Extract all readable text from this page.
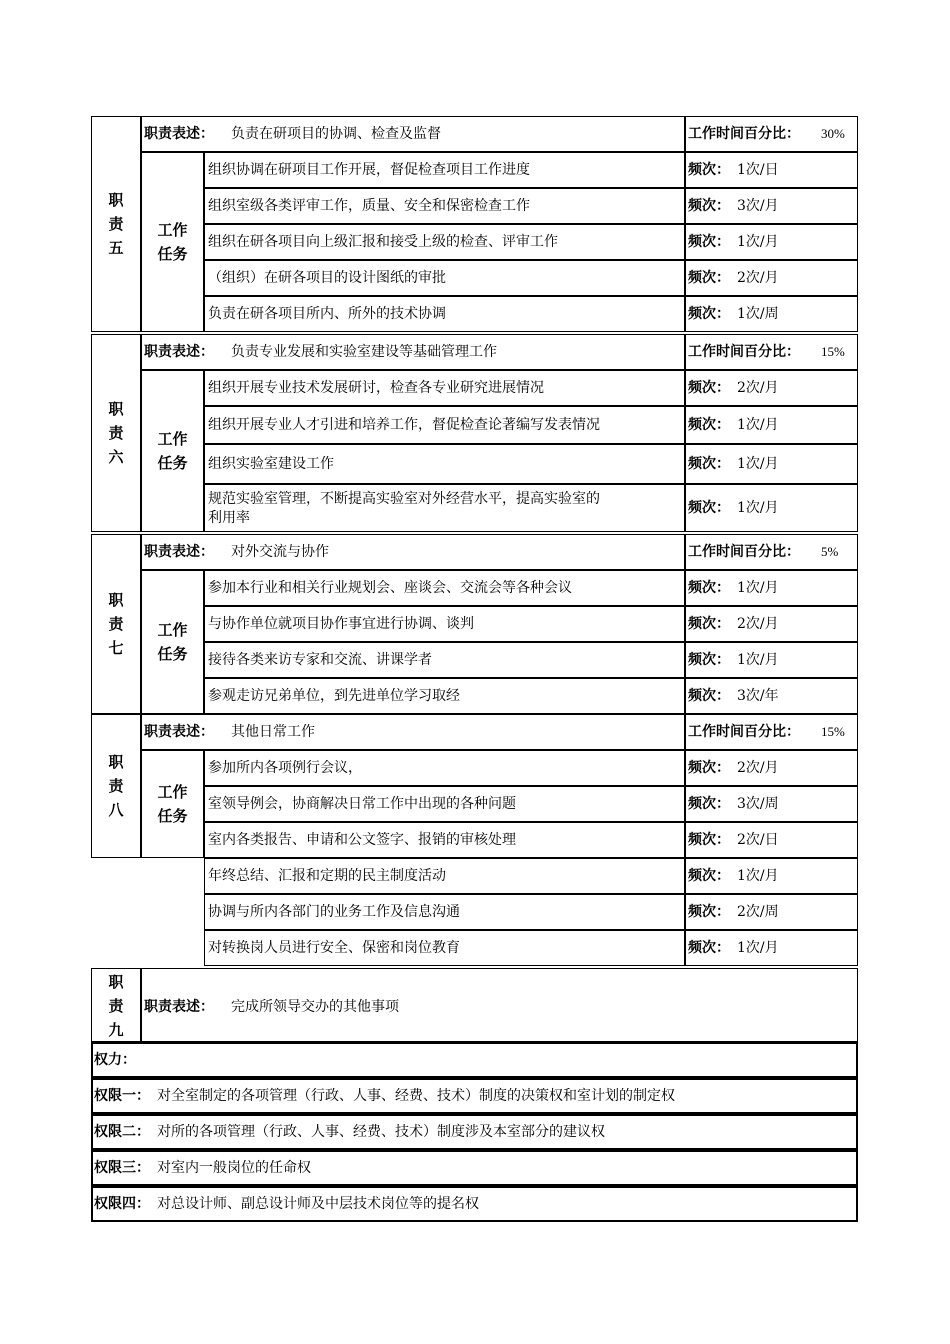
职
责
五
职责表述： 负责在研项目的协调、检查及监督	工作时间百分比： 30%
工作
任务
组织协调在研项目工作开展，督促检查项目工作进度	频次： 1次/日
组织室级各类评审工作，质量、安全和保密检查工作	频次： 3次/月
组织在研各项目向上级汇报和接受上级的检查、评审工作	频次： 1次/月
（组织）在研各项目的设计图纸的审批	频次： 2次/月
负责在研各项目所内、所外的技术协调	频次： 1次/周
职
责
六
职责表述： 负责专业发展和实验室建设等基础管理工作	工作时间百分比： 15%
工作
任务
组织开展专业技术发展研讨，检查各专业研究进展情况	频次： 2次/月
组织开展专业人才引进和培养工作，督促检查论著编写发表情况	频次： 1次/月
组织实验室建设工作	频次： 1次/月
规范实验室管理，不断提高实验室对外经营水平，提高实验室的
利用率
频次： 1次/月
职
责
七
职责表述： 对外交流与协作	工作时间百分比： 5%
工作
任务
参加本行业和相关行业规划会、座谈会、交流会等各种会议	频次： 1次/月
与协作单位就项目协作事宜进行协调、谈判	频次： 2次/月
接待各类来访专家和交流、讲课学者	频次： 1次/月
参观走访兄弟单位，到先进单位学习取经	频次： 3次/年
职
责
八
职责表述： 其他日常工作	工作时间百分比： 15%
工作
任务
参加所内各项例行会议，	频次： 2次/月
室领导例会，协商解决日常工作中出现的各种问题	频次： 3次/周
室内各类报告、申请和公文签字、报销的审核处理	频次： 2次/日
年终总结、汇报和定期的民主制度活动	频次： 1次/月
协调与所内各部门的业务工作及信息沟通	频次： 2次/周
对转换岗人员进行安全、保密和岗位教育	频次： 1次/月
职
责
九
职责表述： 完成所领导交办的其他事项
权力：
权限一： 对全室制定的各项管理（行政、人事、经费、技术）制度的决策权和室计划的制定权
权限二： 对所的各项管理（行政、人事、经费、技术）制度涉及本室部分的建议权
权限三： 对室内一般岗位的任命权
权限四： 对总设计师、副总设计师及中层技术岗位等的提名权
